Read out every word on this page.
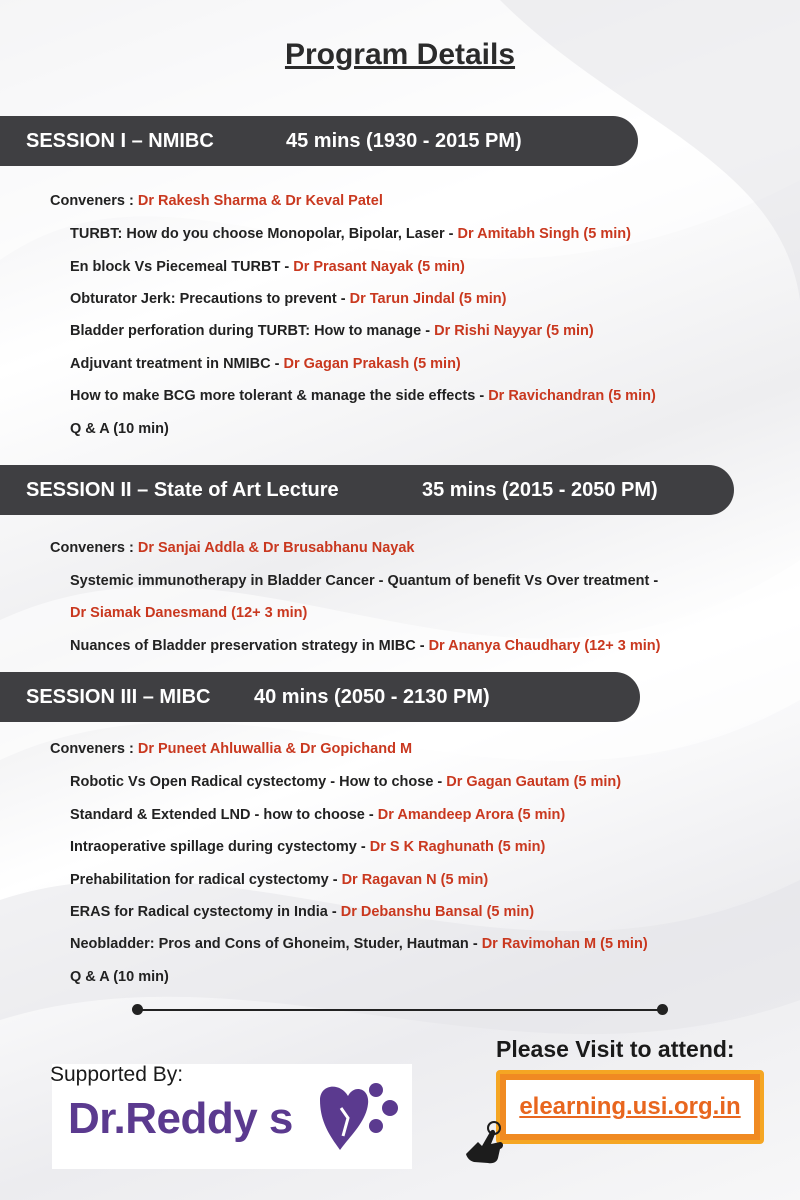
Program Details
SESSION I – NMIBC	45 mins (1930 - 2015 PM)
Conveners : Dr Rakesh Sharma & Dr Keval Patel
TURBT: How do you choose Monopolar, Bipolar, Laser - Dr Amitabh Singh (5 min)
En block Vs Piecemeal TURBT - Dr Prasant Nayak (5 min)
Obturator Jerk: Precautions to prevent - Dr Tarun Jindal (5 min)
Bladder perforation during TURBT: How to manage - Dr Rishi Nayyar (5 min)
Adjuvant treatment in NMIBC - Dr Gagan Prakash (5 min)
How to make BCG more tolerant & manage the side effects - Dr Ravichandran (5 min)
Q & A (10 min)
SESSION II – State of Art Lecture	35 mins (2015 - 2050 PM)
Conveners : Dr Sanjai Addla & Dr Brusabhanu Nayak
Systemic immunotherapy in Bladder Cancer - Quantum of benefit Vs Over treatment -
Dr Siamak Danesmand (12+ 3 min)
Nuances of Bladder preservation strategy in MIBC - Dr Ananya Chaudhary (12+ 3 min)
SESSION III – MIBC 40 mins (2050 - 2130 PM)
Conveners : Dr Puneet Ahluwallia & Dr Gopichand M
Robotic Vs Open Radical cystectomy - How to chose - Dr Gagan Gautam (5 min)
Standard & Extended LND - how to choose - Dr Amandeep Arora (5 min)
Intraoperative spillage during cystectomy - Dr S K Raghunath (5 min)
Prehabilitation for radical cystectomy - Dr Ragavan N (5 min)
ERAS for Radical cystectomy in India - Dr Debanshu Bansal (5 min)
Neobladder: Pros and Cons of Ghoneim, Studer, Hautman - Dr Ravimohan M (5 min)
Q & A (10 min)
Dr.Reddy s
Supported By:
Please Visit to attend:
elearning.usi.org.in
